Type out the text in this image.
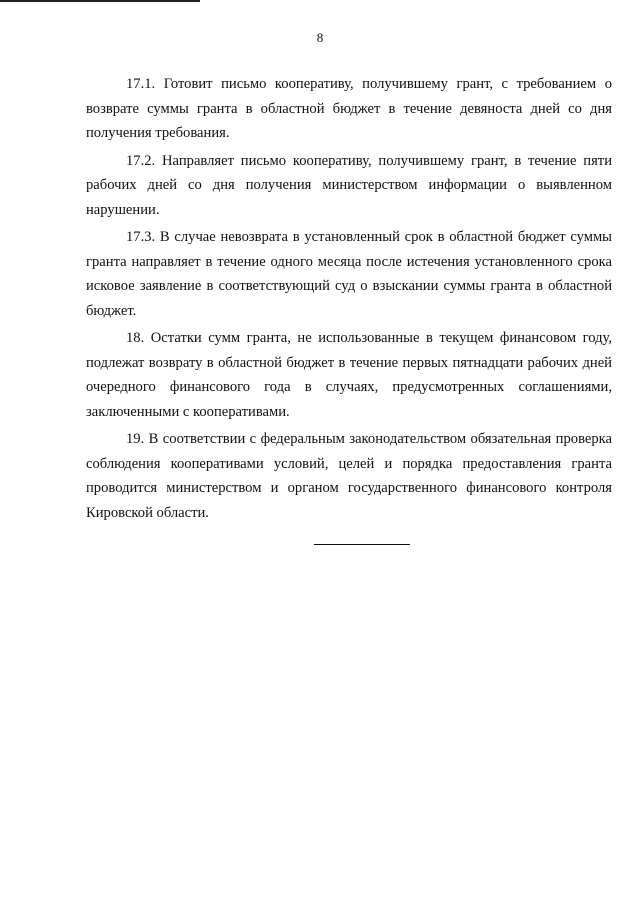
8

17.1. Готовит письмо кооперативу, получившему грант, с требованием о возврате суммы гранта в областной бюджет в течение девяноста дней со дня получения требования.

17.2. Направляет письмо кооперативу, получившему грант, в течение пяти рабочих дней со дня получения министерством информации о выявленном нарушении.

17.3. В случае невозврата в установленный срок в областной бюджет суммы гранта направляет в течение одного месяца после истечения установленного срока исковое заявление в соответствующий суд о взыскании суммы гранта в областной бюджет.

18. Остатки сумм гранта, не использованные в текущем финансовом году, подлежат возврату в областной бюджет в течение первых пятнадцати рабочих дней очередного финансового года в случаях, предусмотренных соглашениями, заключенными с кооперативами.

19. В соответствии с федеральным законодательством обязательная проверка соблюдения кооперативами условий, целей и порядка предоставления гранта проводится министерством и органом государственного финансового контроля Кировской области.
